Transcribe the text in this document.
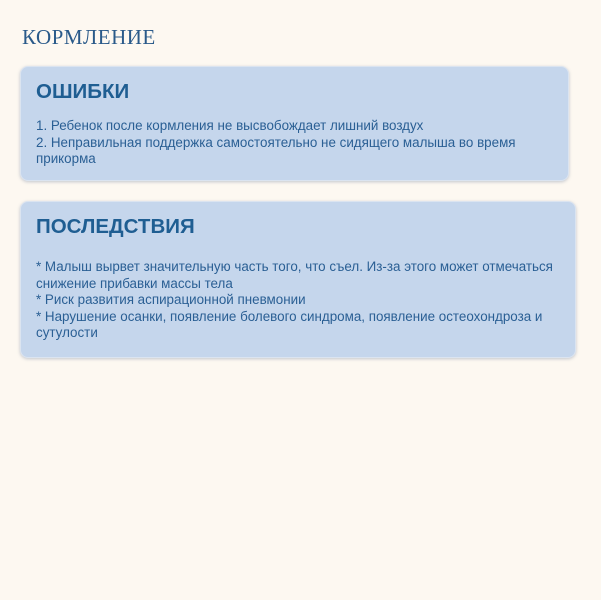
КОРМЛЕНИЕ
ОШИБКИ
1. Ребенок после кормления не высвобождает лишний воздух
2. Неправильная поддержка самостоятельно не сидящего малыша во время прикорма
ПОСЛЕДСТВИЯ
* Малыш вырвет значительную часть того, что съел. Из-за этого может отмечаться снижение прибавки массы тела
* Риск развития аспирационной пневмонии
* Нарушение осанки, появление болевого синдрома, появление остеохондроза и сутулости
